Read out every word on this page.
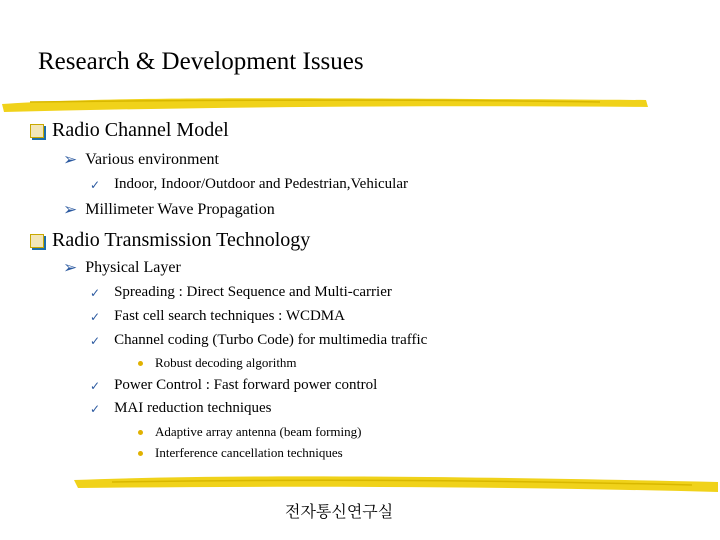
Research & Development Issues
Radio Channel Model
➢ Various environment
✓ Indoor, Indoor/Outdoor and Pedestrian,Vehicular
➢ Millimeter Wave Propagation
Radio Transmission Technology
➢ Physical Layer
✓ Spreading : Direct Sequence and Multi-carrier
✓ Fast cell search techniques : WCDMA
✓ Channel coding (Turbo Code) for multimedia traffic
Robust decoding algorithm
✓ Power Control : Fast forward power control
✓ MAI reduction techniques
Adaptive array antenna (beam forming)
Interference cancellation techniques
전자통신연구실
